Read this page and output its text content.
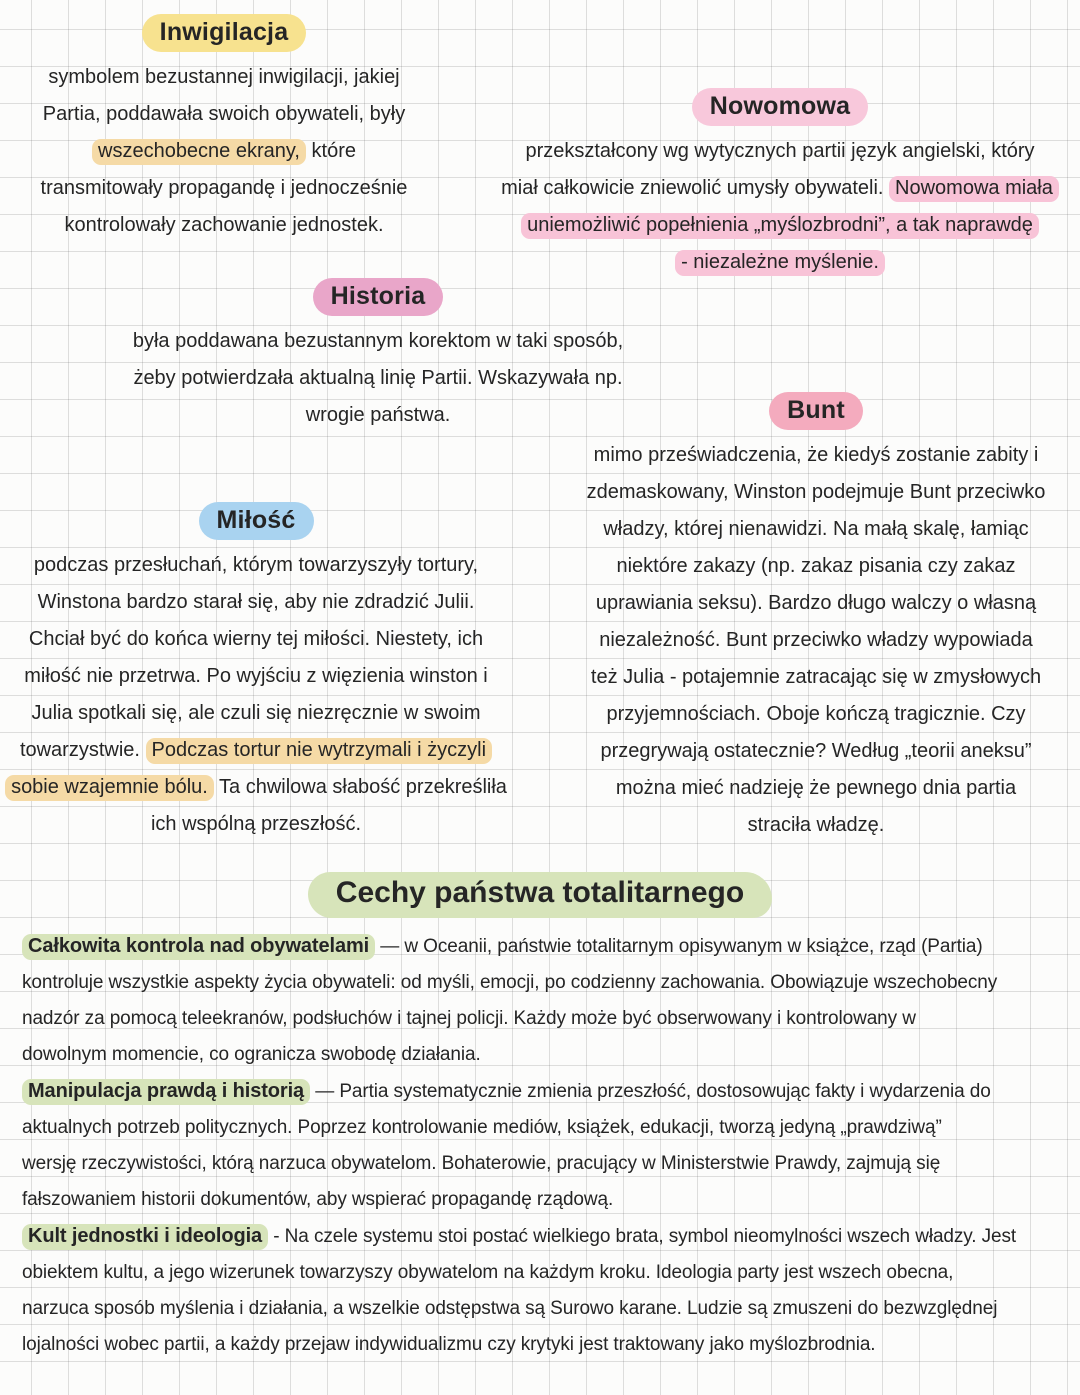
Inwigilacja
symbolem bezustannej inwigilacji, jakiej
Partia, poddawała swoich obywateli, były
wszechobecne ekrany, które
transmitowały propagandę i jednocześnie
kontrolowały zachowanie jednostek.
Nowomowa
przekształcony wg wytycznych partii język angielski, który
miał całkowicie zniewolić umysły obywateli. Nowomowa miała
uniemożliwić popełnienia „myślozbrodni”, a tak naprawdę
- niezależne myślenie.
Historia
była poddawana bezustannym korektom w taki sposób,
żeby potwierdzała aktualną linię Partii. Wskazywała np.
wrogie państwa.	Bunt
mimo przeświadczenia, że kiedyś zostanie zabity i
zdemaskowany, Winston podejmuje Bunt przeciwko
władzy, której nienawidzi. Na małą skalę, łamiąc
niektóre zakazy (np. zakaz pisania czy zakaz
uprawiania seksu). Bardzo długo walczy o własną
niezależność. Bunt przeciwko władzy wypowiada
też Julia - potajemnie zatracając się w zmysłowych
przyjemnościach. Oboje kończą tragicznie. Czy
przegrywają ostatecznie? Według „teorii aneksu”
można mieć nadzieję że pewnego dnia partia
straciła władzę.
Miłość
podczas przesłuchań, którym towarzyszyły tortury,
Winstona bardzo starał się, aby nie zdradzić Julii.
Chciał być do końca wierny tej miłości. Niestety, ich
miłość nie przetrwa. Po wyjściu z więzienia winston i
Julia spotkali się, ale czuli się niezręcznie w swoim
towarzystwie. Podczas tortur nie wytrzymali i życzyli
sobie wzajemnie bólu. Ta chwilowa słabość przekreśliła
ich wspólną przeszłość.
Cechy państwa totalitarnego
Całkowita kontrola nad obywatelami — w Oceanii, państwie totalitarnym opisywanym w książce, rząd (Partia)
kontroluje wszystkie aspekty życia obywateli: od myśli, emocji, po codzienny zachowania. Obowiązuje wszechobecny
nadzór za pomocą teleekranów, podsłuchów i tajnej policji. Każdy może być obserwowany i kontrolowany w
dowolnym momencie, co ogranicza swobodę działania.
Manipulacja prawdą i historią — Partia systematycznie zmienia przeszłość, dostosowując fakty i wydarzenia do
aktualnych potrzeb politycznych. Poprzez kontrolowanie mediów, książek, edukacji, tworzą jedyną „prawdziwą”
wersję rzeczywistości, którą narzuca obywatelom. Bohaterowie, pracujący w Ministerstwie Prawdy, zajmują się
fałszowaniem historii dokumentów, aby wspierać propagandę rządową.
Kult jednostki i ideologia - Na czele systemu stoi postać wielkiego brata, symbol nieomylności wszech władzy. Jest
obiektem kultu, a jego wizerunek towarzyszy obywatelom na każdym kroku. Ideologia party jest wszech obecna,
narzuca sposób myślenia i działania, a wszelkie odstępstwa są Surowo karane. Ludzie są zmuszeni do bezwzględnej
lojalności wobec partii, a każdy przejaw indywidualizmu czy krytyki jest traktowany jako myślozbrodnia.
